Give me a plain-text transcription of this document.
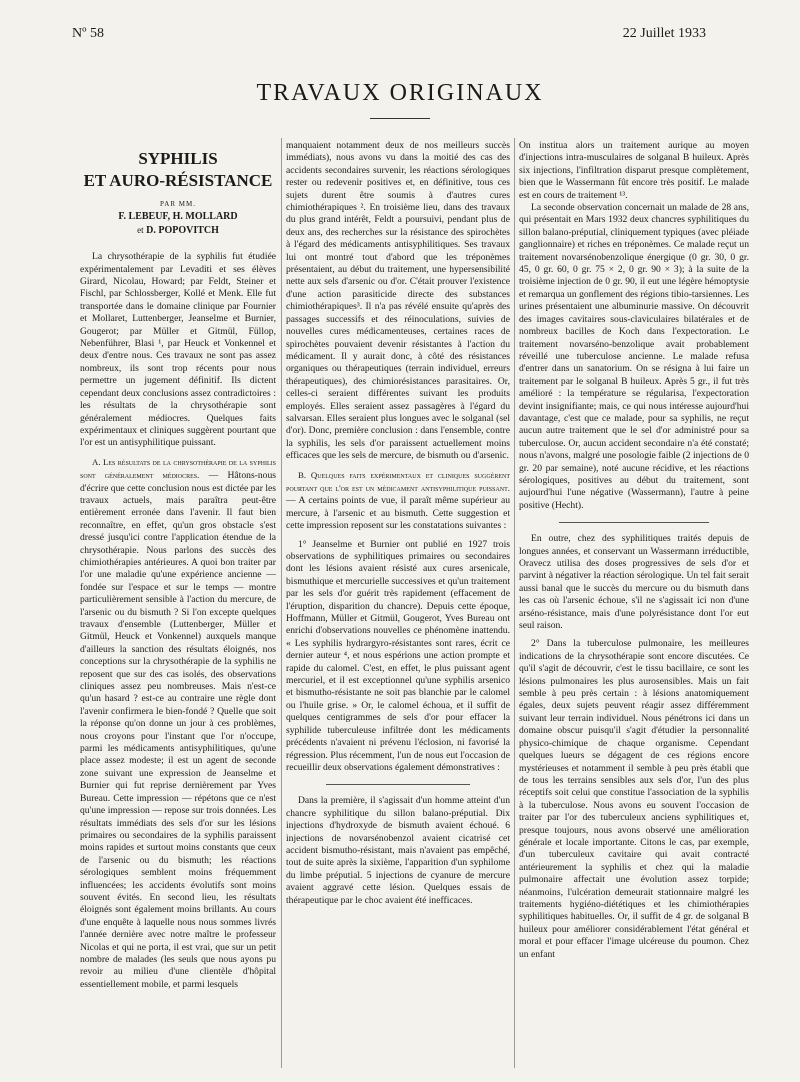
Nº 58	22 Juillet 1933
TRAVAUX ORIGINAUX
SYPHILIS
ET AURO-RÉSISTANCE

PAR MM.

F. LEBEUF, H. MOLLARD

et D. POPOVITCH

La chrysothérapie de la syphilis fut étudiée expérimentalement par Levaditi et ses élèves Girard, Nicolau, Howard; par Feldt, Steiner et Fischl, par Schlossberger, Kollé et Menk. Elle fut transportée dans le domaine clinique par Fournier et Mollaret, Luttenberger, Jeanselme et Burnier, Gougerot; par Müller et Gitmül, Füllop, Nebenführer, Blasi ¹, par Heuck et Vonkennel et deux d'entre nous. Ces travaux ne sont pas assez nombreux, ils sont trop récents pour nous permettre un jugement définitif. Ils dictent cependant deux conclusions assez contradictoires : les résultats de la chrysothérapie sont généralement médiocres. Quelques faits expérimentaux et cliniques suggèrent pourtant que l'or est un antisyphilitique puissant.

A. Les résultats de la chrysothérapie de la syphilis sont généralement médiocres. — Hâtons-nous d'écrire que cette conclusion nous est dictée par les travaux actuels, mais paraîtra peut-être entièrement erronée dans l'avenir. Il faut bien reconnaître, en effet, qu'un gros obstacle s'est dressé jusqu'ici contre l'application étendue de la chrysothérapie. Nous parlons des succès des chimiothérapies antérieures. A quoi bon traiter par l'or une maladie qu'une expérience ancienne — fondée sur l'espace et sur le temps — montre particulièrement sensible à l'action du mercure, de l'arsenic ou du bismuth ? Si l'on excepte quelques travaux d'ensemble (Luttenberger, Müller et Gitmül, Heuck et Vonkennel) auxquels manque d'ailleurs la sanction des résultats éloignés, nos conceptions sur la chrysothérapie de la syphilis ne reposent que sur des cas isolés, des observations cliniques assez peu nombreuses. Mais n'est-ce qu'un hasard ? est-ce au contraire une règle dont l'avenir confirmera le bien-fondé ? Quelle que soit la réponse qu'on donne un jour à ces problèmes, nous croyons pour l'instant que l'or n'occupe, parmi les médicaments antisyphilitiques, qu'une place assez modeste; il est un agent de seconde zone suivant une expression de Jeanselme et Burnier qui fut reprise dernièrement par Yves Bureau. Cette impression — répétons que ce n'est qu'une impression — repose sur trois données. Les résultats immédiats des sels d'or sur les lésions primaires ou secondaires de la syphilis paraissent moins rapides et surtout moins constants que ceux de l'arsenic ou du bismuth; les réactions sérologiques semblent moins fréquemment influencées; les accidents évolutifs sont moins souvent évités. En second lieu, les résultats éloignés sont également moins brillants. Au cours d'une enquête à laquelle nous nous sommes livrés l'année dernière avec notre maître le professeur Nicolas et qui ne porta, il est vrai, que sur un petit nombre de malades (les seuls que nous ayons pu revoir au milieu d'une clientèle d'hôpital essentiellement mobile, et parmi lesquels

manquaient notamment deux de nos meilleurs succès immédiats), nous avons vu dans la moitié des cas des accidents secondaires survenir, les réactions sérologiques rester ou redevenir positives et, en définitive, tous ces sujets durent être soumis à d'autres cures chimiothérapiques ². En troisième lieu, dans des travaux du plus grand intérêt, Feldt a poursuivi, pendant plus de deux ans, des recherches sur la résistance des spirochètes à l'égard des médicaments antisyphilitiques. Ses travaux lui ont montré tout d'abord que les tréponèmes présentaient, au début du traitement, une hypersensibilité nette aux sels d'arsenic ou d'or. C'était prouver l'existence d'une action parasiticide directe des substances chimiothérapiques³. Il n'a pas révélé ensuite qu'après des passages successifs et des réinoculations, suivies de nouvelles cures médicamenteuses, certaines races de spirochètes pouvaient devenir résistantes à l'action du médicament. Il y aurait donc, à côté des résistances organiques ou thérapeutiques (terrain individuel, erreurs thérapeutiques), des chimiorésistances parasitaires. Or, celles-ci seraient différentes suivant les produits employés. Elles seraient assez passagères à l'égard du salvarsan. Elles seraient plus longues avec le solganal (sel d'or). Donc, première conclusion : dans l'ensemble, contre la syphilis, les sels d'or paraissent actuellement moins efficaces que les sels de mercure, de bismuth ou d'arsenic.

B. Quelques faits expérimentaux et cliniques suggèrent pourtant que l'or est un médicament antisyphilitique puissant. — A certains points de vue, il paraît même supérieur au mercure, à l'arsenic et au bismuth. Cette suggestion et cette impression reposent sur les constatations suivantes :

1° Jeanselme et Burnier ont publié en 1927 trois observations de syphilitiques primaires ou secondaires dont les lésions avaient résisté aux cures arsenicale, bismuthique et mercurielle successives et qu'un traitement par les sels d'or guérit très rapidement (effacement de l'éruption, disparition du chancre). Depuis cette époque, Hoffmann, Müller et Gitmül, Gougerot, Yves Bureau ont enrichi d'observations nouvelles ce phénomène inattendu. « Les syphilis hydrargyro-résistantes sont rares, écrit ce dernier auteur ⁴, et nous espérions une action prompte et rapide du calomel. C'est, en effet, le plus puissant agent mercuriel, et il est exceptionnel qu'une syphilis arsenico et bismutho-résistante ne soit pas blanchie par le calomel ou l'huile grise. » Or, le calomel échoua, et il suffit de quelques centigrammes de sels d'or pour effacer la syphilide tuberculeuse infiltrée dont les médicaments précédents n'avaient ni prévenu l'éclosion, ni favorisé la régression. Plus récemment, l'un de nous eut l'occasion de recueillir deux observations également démonstratives :

Dans la première, il s'agissait d'un homme atteint d'un chancre syphilitique du sillon balano-préputial. Dix injections d'hydroxyde de bismuth avaient échoué. 6 injections de novarsénobenzol avaient cicatrisé cet accident bismutho-résistant, mais n'avaient pas empêché, tout de suite après la sixième, l'apparition d'un syphilome du limbe préputial. 5 injections de cyanure de mercure avaient aggravé cette lésion. Quelques essais de thérapeutique par le choc avaient été inefficaces.

On institua alors un traitement aurique au moyen d'injections intra-musculaires de solganal B huileux. Après six injections, l'infiltration disparut presque complètement, bien que le Wassermann fût encore très positif. Le malade est en cours de traitement ¹³.

La seconde observation concernait un malade de 28 ans, qui présentait en Mars 1932 deux chancres syphilitiques du sillon balano-préputial, cliniquement typiques (avec pléiade ganglionnaire) et riches en tréponèmes. Ce malade reçut un traitement novarsénobenzolique énergique (0 gr. 30, 0 gr. 45, 0 gr. 60, 0 gr. 75 × 2, 0 gr. 90 × 3); à la suite de la troisième injection de 0 gr. 90, il eut une légère hémoptysie et remarqua un gonflement des régions tibio-tarsiennes. Les urines présentaient une albuminurie massive. On découvrit des images cavitaires sous-claviculaires bilatérales et de nombreux bacilles de Koch dans l'expectoration. Le traitement novarséno-benzolique avait probablement réveillé une tuberculose ancienne. Le malade refusa d'entrer dans un sanatorium. On se résigna à lui faire un traitement par le solganal B huileux. Après 5 gr., il fut très amélioré : la température se régularisa, l'expectoration devint insignifiante; mais, ce qui nous intéresse aujourd'hui davantage, c'est que ce malade, pour sa syphilis, ne reçut aucun autre traitement que le sel d'or administré pour sa tuberculose. Or, aucun accident secondaire n'a été constaté; nous n'avons, malgré une posologie faible (2 injections de 0 gr. 20 par semaine), noté aucune récidive, et les réactions sérologiques, positives au début du traitement, sont aujourd'hui l'une négative (Wassermann), l'autre à peine positive (Hecht).

En outre, chez des syphilitiques traités depuis de longues années, et conservant un Wassermann irréductible, Oravecz utilisa des doses progressives de sels d'or et parvint à négativer la réaction sérologique. Un tel fait serait aussi banal que le succès du mercure ou du bismuth dans les cas où l'arsenic échoue, s'il ne s'agissait ici non d'une arséno-résistance, mais d'une polyrésistance dont l'or eut seul raison.

2° Dans la tuberculose pulmonaire, les meilleures indications de la chrysothérapie sont encore discutées. Ce qu'il s'agit de découvrir, c'est le tissu bacillaire, ce sont les lésions pulmonaires les plus aurosensibles. Mais un fait semble à peu près certain : à lésions anatomiquement égales, deux sujets peuvent réagir assez différemment suivant leur terrain individuel. Nous pénétrons ici dans un domaine obscur puisqu'il s'agit d'étudier la personnalité physico-chimique de chaque organisme. Cependant quelques lueurs se dégagent de ces régions encore mystérieuses et notamment il semble à peu près établi que de tous les terrains sensibles aux sels d'or, l'un des plus réceptifs soit celui que constitue l'association de la syphilis à la tuberculose. Nous avons eu souvent l'occasion de traiter par l'or des tuberculeux anciens syphilitiques et, presque toujours, nous avons observé une amélioration générale et locale importante. Citons le cas, par exemple, d'un tuberculeux cavitaire qui avait contracté antérieurement la syphilis et chez qui la maladie pulmonaire affectait une évolution assez torpide; néanmoins, l'ulcération demeurait stationnaire malgré les traitements hygiéno-diététiques et les chimiothérapies syphilitiques habituelles. Or, il suffit de 4 gr. de solganal B huileux pour améliorer considérablement l'état général et moral et pour effacer l'image ulcéreuse du poumon. Chez un enfant
